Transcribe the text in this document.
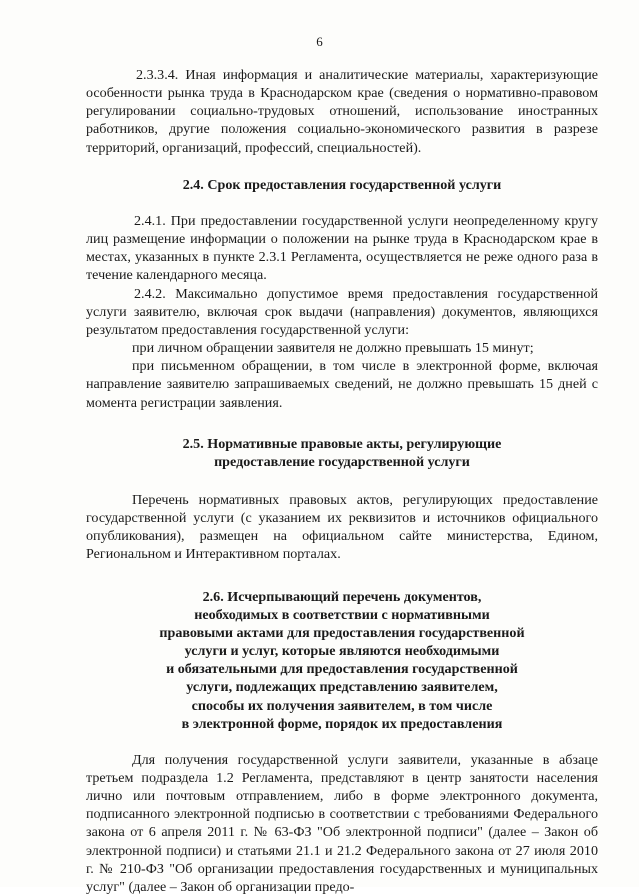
6

2.3.3.4. Иная информация и аналитические материалы, характеризующие особенности рынка труда в Краснодарском крае (сведения о нормативно-правовом регулировании социально-трудовых отношений, использование иностранных работников, другие положения социально-экономического развития в разрезе территорий, организаций, профессий, специальностей).

2.4. Срок предоставления государственной услуги

2.4.1. При предоставлении государственной услуги неопределенному кругу лиц размещение информации о положении на рынке труда в Краснодарском крае в местах, указанных в пункте 2.3.1 Регламента, осуществляется не реже одного раза в течение календарного месяца.

2.4.2. Максимально допустимое время предоставления государственной услуги заявителю, включая срок выдачи (направления) документов, являющихся результатом предоставления государственной услуги:

при личном обращении заявителя не должно превышать 15 минут;

при письменном обращении, в том числе в электронной форме, включая направление заявителю запрашиваемых сведений, не должно превышать 15 дней с момента регистрации заявления.

2.5. Нормативные правовые акты, регулирующие
предоставление государственной услуги

Перечень нормативных правовых актов, регулирующих предоставление государственной услуги (с указанием их реквизитов и источников официального опубликования), размещен на официальном сайте министерства, Едином, Региональном и Интерактивном порталах.

2.6. Исчерпывающий перечень документов,
необходимых в соответствии с нормативными
правовыми актами для предоставления государственной
услуги и услуг, которые являются необходимыми
и обязательными для предоставления государственной
услуги, подлежащих представлению заявителем,
способы их получения заявителем, в том числе
в электронной форме, порядок их предоставления

Для получения государственной услуги заявители, указанные в абзаце третьем подраздела 1.2 Регламента, представляют в центр занятости населения лично или почтовым отправлением, либо в форме электронного документа, подписанного электронной подписью в соответствии с требованиями Федерального закона от 6 апреля 2011 г. № 63-ФЗ "Об электронной подписи" (далее – Закон об электронной подписи) и статьями 21.1 и 21.2 Федерального закона от 27 июля 2010 г. № 210-ФЗ "Об организации предоставления государственных и муниципальных услуг" (далее – Закон об организации предо-
